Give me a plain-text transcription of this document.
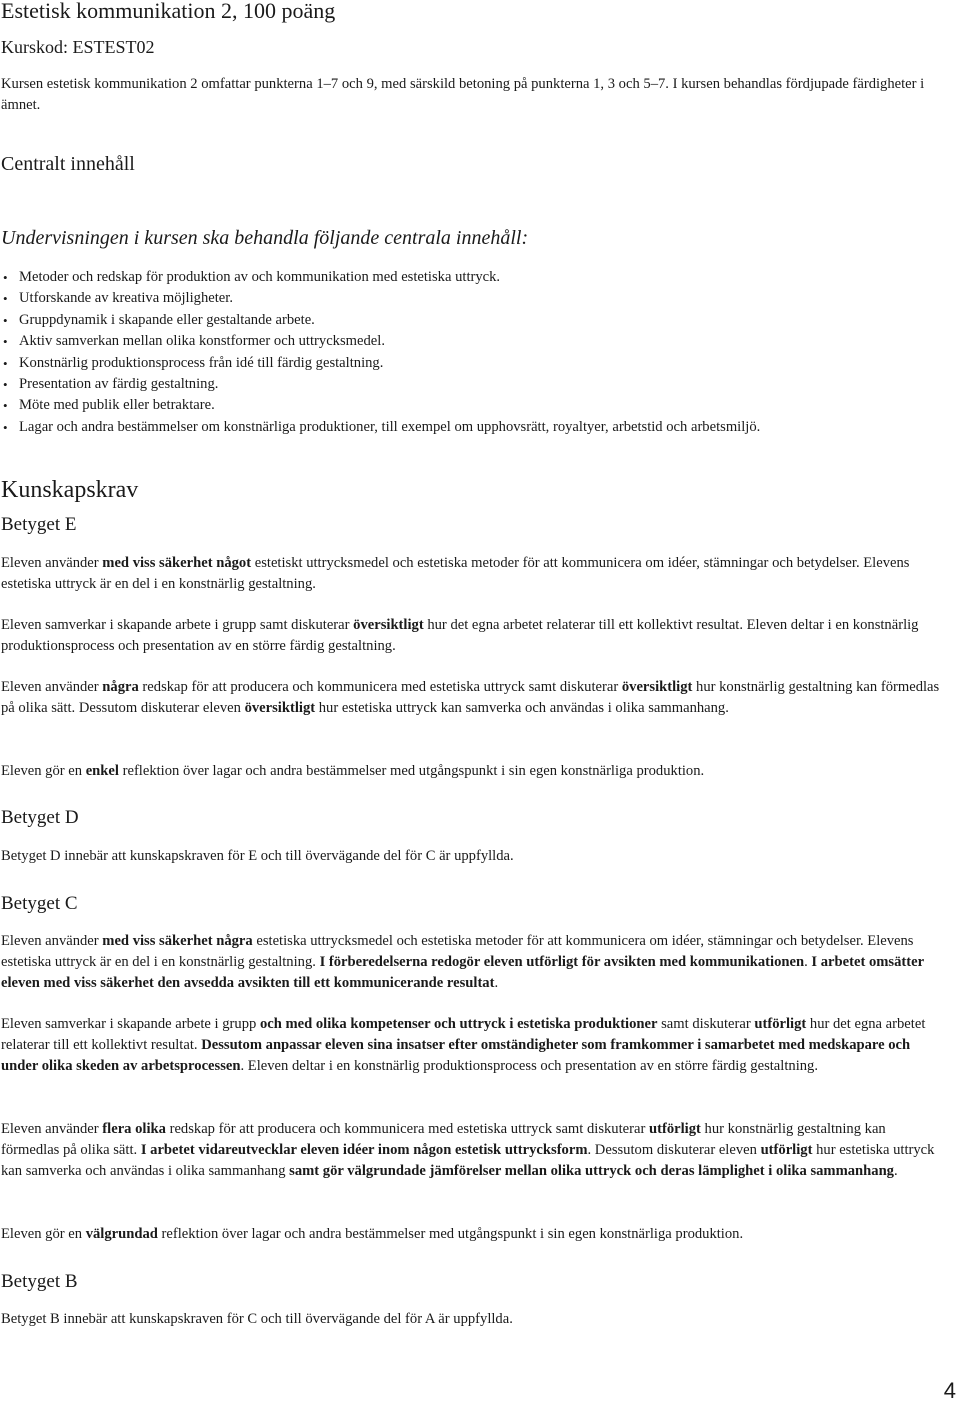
Estetisk kommunikation 2, 100 poäng

Kurskod: ESTEST02

Kursen estetisk kommunikation 2 omfattar punkterna 1–7 och 9, med särskild betoning på punkterna 1, 3 och 5–7. I kursen behandlas fördjupade färdigheter i ämnet.

Centralt innehåll
Undervisningen i kursen ska behandla följande centrala innehåll:
• Metoder och redskap för produktion av och kommunikation med estetiska uttryck.
• Utforskande av kreativa möjligheter.
• Gruppdynamik i skapande eller gestaltande arbete.
• Aktiv samverkan mellan olika konstformer och uttrycksmedel.
• Konstnärlig produktionsprocess från idé till färdig gestaltning.
• Presentation av färdig gestaltning.
• Möte med publik eller betraktare.
• Lagar och andra bestämmelser om konstnärliga produktioner, till exempel om upphovsrätt, royaltyer, arbetstid och arbetsmiljö.
Kunskapskrav
Betyget E

Eleven använder med viss säkerhet något estetiskt uttrycksmedel och estetiska metoder för att kommunicera om idéer, stämningar och betydelser. Elevens estetiska uttryck är en del i en konstnärlig gestaltning.

Eleven samverkar i skapande arbete i grupp samt diskuterar översiktligt hur det egna arbetet relaterar till ett kollektivt resultat. Eleven deltar i en konstnärlig produktionsprocess och presentation av en större färdig gestaltning.

Eleven använder några redskap för att producera och kommunicera med estetiska uttryck samt diskuterar översiktligt hur konstnärlig gestaltning kan förmedlas på olika sätt. Dessutom diskuterar eleven översiktligt hur estetiska uttryck kan samverka och användas i olika sammanhang.

Eleven gör en enkel reflektion över lagar och andra bestämmelser med utgångspunkt i sin egen konstnärliga produktion.

Betyget D

Betyget D innebär att kunskapskraven för E och till övervägande del för C är uppfyllda.

Betyget C

Eleven använder med viss säkerhet några estetiska uttrycksmedel och estetiska metoder för att kommunicera om idéer, stämningar och betydelser. Elevens estetiska uttryck är en del i en konstnärlig gestaltning. I förberedelserna redogör eleven utförligt för avsikten med kommunikationen. I arbetet omsätter eleven med viss säkerhet den avsedda avsikten till ett kommunicerande resultat.

Eleven samverkar i skapande arbete i grupp och med olika kompetenser och uttryck i estetiska produktioner samt diskuterar utförligt hur det egna arbetet relaterar till ett kollektivt resultat. Dessutom anpassar eleven sina insatser efter omständigheter som framkommer i samarbetet med medskapare och under olika skeden av arbetsprocessen. Eleven deltar i en konstnärlig produktionsprocess och presentation av en större färdig gestaltning.

Eleven använder flera olika redskap för att producera och kommunicera med estetiska uttryck samt diskuterar utförligt hur konstnärlig gestaltning kan förmedlas på olika sätt. I arbetet vidareutvecklar eleven idéer inom någon estetisk uttrycksform. Dessutom diskuterar eleven utförligt hur estetiska uttryck kan samverka och användas i olika sammanhang samt gör välgrundade jämförelser mellan olika uttryck och deras lämplighet i olika sammanhang.

Eleven gör en välgrundad reflektion över lagar och andra bestämmelser med utgångspunkt i sin egen konstnärliga produktion.

Betyget B

Betyget B innebär att kunskapskraven för C och till övervägande del för A är uppfyllda.

4
